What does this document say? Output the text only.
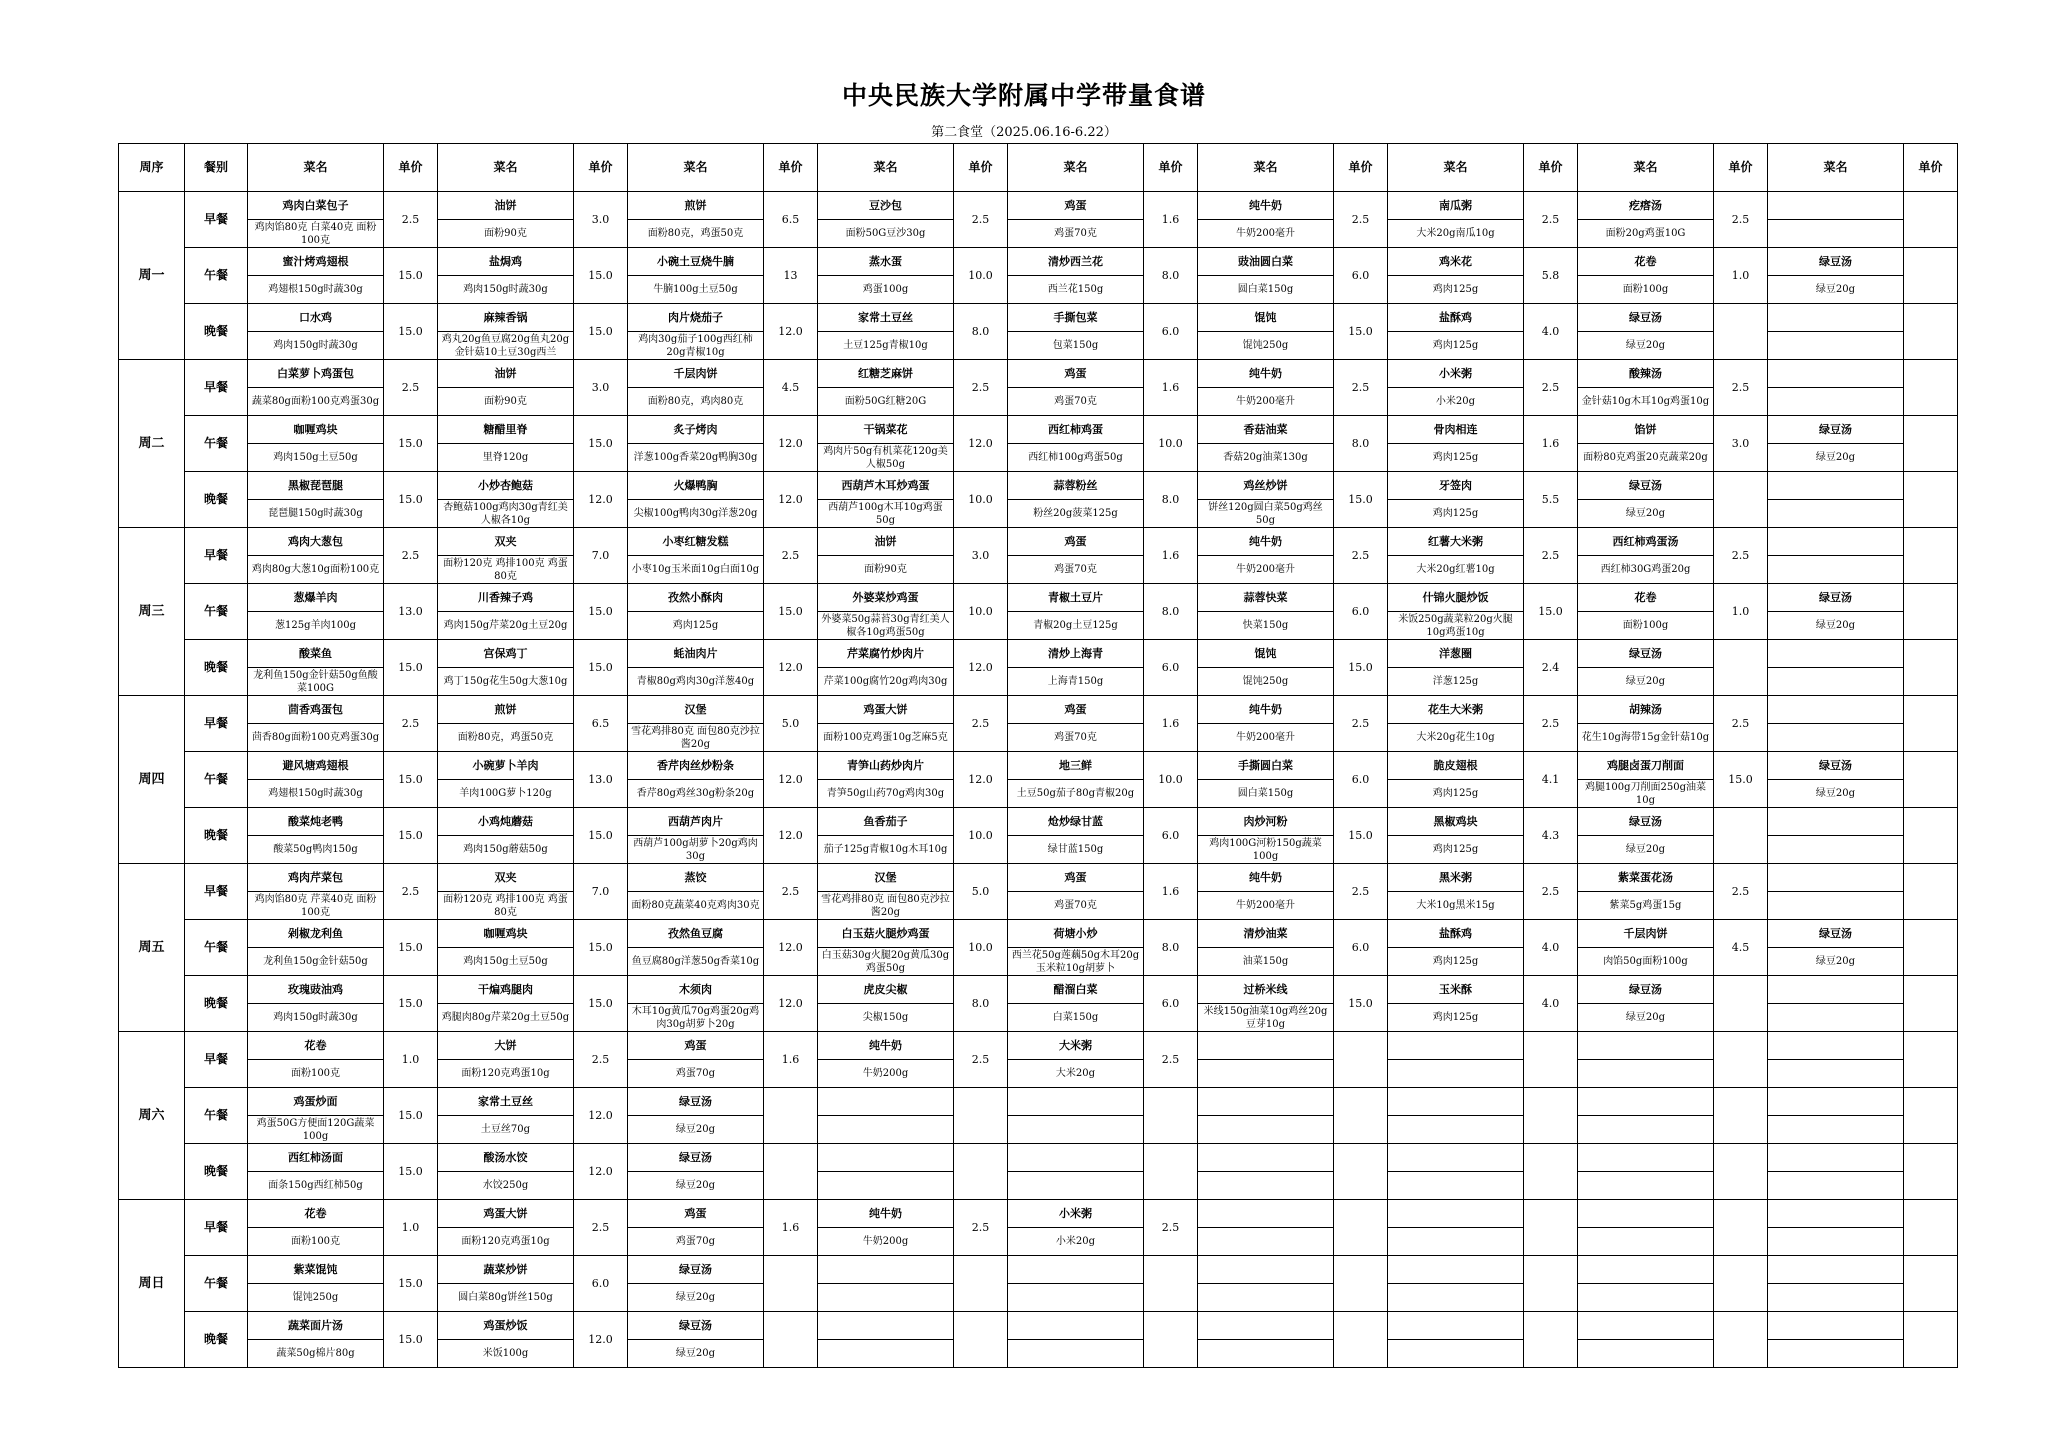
中央民族大学附属中学带量食谱
第二食堂（2025.06.16-6.22）
周序	餐别	菜名	单价	菜名	单价	菜名	单价	菜名	单价	菜名	单价	菜名	单价	菜名	单价	菜名	单价	菜名	单价
周一	早餐	鸡肉白菜包子	2.5	油饼	3.0	煎饼	6.5	豆沙包	2.5	鸡蛋	1.6	纯牛奶	2.5	南瓜粥	2.5	疙瘩汤	2.5		
		鸡肉馅80克 白菜40克 面粉100克		面粉90克		面粉80克，鸡蛋50克		面粉50G豆沙30g		鸡蛋70克		牛奶200毫升		大米20g南瓜10g		面粉20g鸡蛋10G			
	午餐	蜜汁烤鸡翅根	15.0	盐焗鸡	15.0	小碗土豆烧牛腩	13	蒸水蛋	10.0	清炒西兰花	8.0	豉油圆白菜	6.0	鸡米花	5.8	花卷	1.0	绿豆汤	
		鸡翅根150g时蔬30g		鸡肉150g时蔬30g		牛腩100g土豆50g		鸡蛋100g		西兰花150g		圆白菜150g		鸡肉125g		面粉100g		绿豆20g	
	晚餐	口水鸡	15.0	麻辣香锅	15.0	肉片烧茄子	12.0	家常土豆丝	8.0	手撕包菜	6.0	馄饨	15.0	盐酥鸡	4.0	绿豆汤			
		鸡肉150g时蔬30g		鸡丸20g鱼豆腐20g鱼丸20g金针菇10土豆30g西兰		鸡肉30g茄子100g西红柿20g青椒10g		土豆125g青椒10g		包菜150g		馄饨250g		鸡肉125g		绿豆20g			
周二	早餐	白菜萝卜鸡蛋包	2.5	油饼	3.0	千层肉饼	4.5	红糖芝麻饼	2.5	鸡蛋	1.6	纯牛奶	2.5	小米粥	2.5	酸辣汤	2.5		
		蔬菜80g面粉100克鸡蛋30g		面粉90克		面粉80克，鸡肉80克		面粉50G红糖20G		鸡蛋70克		牛奶200毫升		小米20g		金针菇10g木耳10g鸡蛋10g			
	午餐	咖喱鸡块	15.0	糖醋里脊	15.0	炙子烤肉	12.0	干锅菜花	12.0	西红柿鸡蛋	10.0	香菇油菜	8.0	骨肉相连	1.6	馅饼	3.0	绿豆汤	
		鸡肉150g土豆50g		里脊120g		洋葱100g香菜20g鸭胸30g		鸡肉片50g有机菜花120g美人椒50g		西红柿100g鸡蛋50g		香菇20g油菜130g		鸡肉125g		面粉80克鸡蛋20克蔬菜20g		绿豆20g	
	晚餐	黑椒琵琶腿	15.0	小炒杏鲍菇	12.0	火爆鸭胸	12.0	西葫芦木耳炒鸡蛋	10.0	蒜蓉粉丝	8.0	鸡丝炒饼	15.0	牙签肉	5.5	绿豆汤			
		琵琶腿150g时蔬30g		杏鲍菇100g鸡肉30g青红美人椒各10g		尖椒100g鸭肉30g洋葱20g		西葫芦100g木耳10g鸡蛋50g		粉丝20g菠菜125g		饼丝120g圆白菜50g鸡丝50g		鸡肉125g		绿豆20g			
周三	早餐	鸡肉大葱包	2.5	双夹	7.0	小枣红糖发糕	2.5	油饼	3.0	鸡蛋	1.6	纯牛奶	2.5	红薯大米粥	2.5	西红柿鸡蛋汤	2.5		
		鸡肉80g大葱10g面粉100克		面粉120克 鸡排100克 鸡蛋80克		小枣10g玉米面10g白面10g		面粉90克		鸡蛋70克		牛奶200毫升		大米20g红薯10g		西红柿30G鸡蛋20g			
	午餐	葱爆羊肉	13.0	川香辣子鸡	15.0	孜然小酥肉	15.0	外婆菜炒鸡蛋	10.0	青椒土豆片	8.0	蒜蓉快菜	6.0	什锦火腿炒饭	15.0	花卷	1.0	绿豆汤	
		葱125g羊肉100g		鸡肉150g芹菜20g土豆20g		鸡肉125g		外婆菜50g蒜苔30g青红美人椒各10g鸡蛋50g		青椒20g土豆125g		快菜150g		米饭250g蔬菜粒20g火腿10g鸡蛋10g		面粉100g		绿豆20g	
	晚餐	酸菜鱼	15.0	宫保鸡丁	15.0	蚝油肉片	12.0	芹菜腐竹炒肉片	12.0	清炒上海青	6.0	馄饨	15.0	洋葱圈	2.4	绿豆汤			
		龙利鱼150g金针菇50g鱼酸菜100G		鸡丁150g花生50g大葱10g		青椒80g鸡肉30g洋葱40g		芹菜100g腐竹20g鸡肉30g		上海青150g		馄饨250g		洋葱125g		绿豆20g			
周四	早餐	茴香鸡蛋包	2.5	煎饼	6.5	汉堡	5.0	鸡蛋大饼	2.5	鸡蛋	1.6	纯牛奶	2.5	花生大米粥	2.5	胡辣汤	2.5		
		茴香80g面粉100克鸡蛋30g		面粉80克，鸡蛋50克		雪花鸡排80克 面包80克沙拉酱20g		面粉100克鸡蛋10g芝麻5克		鸡蛋70克		牛奶200毫升		大米20g花生10g		花生10g海带15g金针菇10g			
	午餐	避风塘鸡翅根	15.0	小碗萝卜羊肉	13.0	香芹肉丝炒粉条	12.0	青笋山药炒肉片	12.0	地三鲜	10.0	手撕圆白菜	6.0	脆皮翅根	4.1	鸡腿卤蛋刀削面	15.0	绿豆汤	
		鸡翅根150g时蔬30g		羊肉100G萝卜120g		香芹80g鸡丝30g粉条20g		青笋50g山药70g鸡肉30g		土豆50g茄子80g青椒20g		圆白菜150g		鸡肉125g		鸡腿100g刀削面250g油菜10g		绿豆20g	
	晚餐	酸菜炖老鸭	15.0	小鸡炖蘑菇	15.0	西葫芦肉片	12.0	鱼香茄子	10.0	炝炒绿甘蓝	6.0	肉炒河粉	15.0	黑椒鸡块	4.3	绿豆汤			
		酸菜50g鸭肉150g		鸡肉150g蘑菇50g		西葫芦100g胡萝卜20g鸡肉30g		茄子125g青椒10g木耳10g		绿甘蓝150g		鸡肉100G河粉150g蔬菜100g		鸡肉125g		绿豆20g			
周五	早餐	鸡肉芹菜包	2.5	双夹	7.0	蒸饺	2.5	汉堡	5.0	鸡蛋	1.6	纯牛奶	2.5	黑米粥	2.5	紫菜蛋花汤	2.5		
		鸡肉馅80克 芹菜40克 面粉100克		面粉120克 鸡排100克 鸡蛋80克		面粉80克蔬菜40克鸡肉30克		雪花鸡排80克 面包80克沙拉酱20g		鸡蛋70克		牛奶200毫升		大米10g黑米15g		紫菜5g鸡蛋15g			
	午餐	剁椒龙利鱼	15.0	咖喱鸡块	15.0	孜然鱼豆腐	12.0	白玉菇火腿炒鸡蛋	10.0	荷塘小炒	8.0	清炒油菜	6.0	盐酥鸡	4.0	千层肉饼	4.5	绿豆汤	
		龙利鱼150g金针菇50g		鸡肉150g土豆50g		鱼豆腐80g洋葱50g香菜10g		白玉菇30g火腿20g黄瓜30g鸡蛋50g		西兰花50g莲藕50g木耳20g玉米粒10g胡萝卜		油菜150g		鸡肉125g		肉馅50g面粉100g		绿豆20g	
	晚餐	玫瑰豉油鸡	15.0	干煸鸡腿肉	15.0	木须肉	12.0	虎皮尖椒	8.0	醋溜白菜	6.0	过桥米线	15.0	玉米酥	4.0	绿豆汤			
		鸡肉150g时蔬30g		鸡腿肉80g芹菜20g土豆50g		木耳10g黄瓜70g鸡蛋20g鸡肉30g胡萝卜20g		尖椒150g		白菜150g		米线150g油菜10g鸡丝20g豆芽10g		鸡肉125g		绿豆20g			
周六	早餐	花卷	1.0	大饼	2.5	鸡蛋	1.6	纯牛奶	2.5	大米粥	2.5								
		面粉100克		面粉120克鸡蛋10g		鸡蛋70g		牛奶200g		大米20g									
	午餐	鸡蛋炒面	15.0	家常土豆丝	12.0	绿豆汤													
		鸡蛋50G方便面120G蔬菜100g		土豆丝70g		绿豆20g													
	晚餐	西红柿汤面	15.0	酸汤水饺	12.0	绿豆汤													
		面条150g西红柿50g		水饺250g		绿豆20g													
周日	早餐	花卷	1.0	鸡蛋大饼	2.5	鸡蛋	1.6	纯牛奶	2.5	小米粥	2.5								
		面粉100克		面粉120克鸡蛋10g		鸡蛋70g		牛奶200g		小米20g									
	午餐	紫菜馄饨	15.0	蔬菜炒饼	6.0	绿豆汤													
		馄饨250g		圆白菜80g饼丝150g		绿豆20g													
	晚餐	蔬菜面片汤	15.0	鸡蛋炒饭	12.0	绿豆汤													
		蔬菜50g棉片80g		米饭100g		绿豆20g													
